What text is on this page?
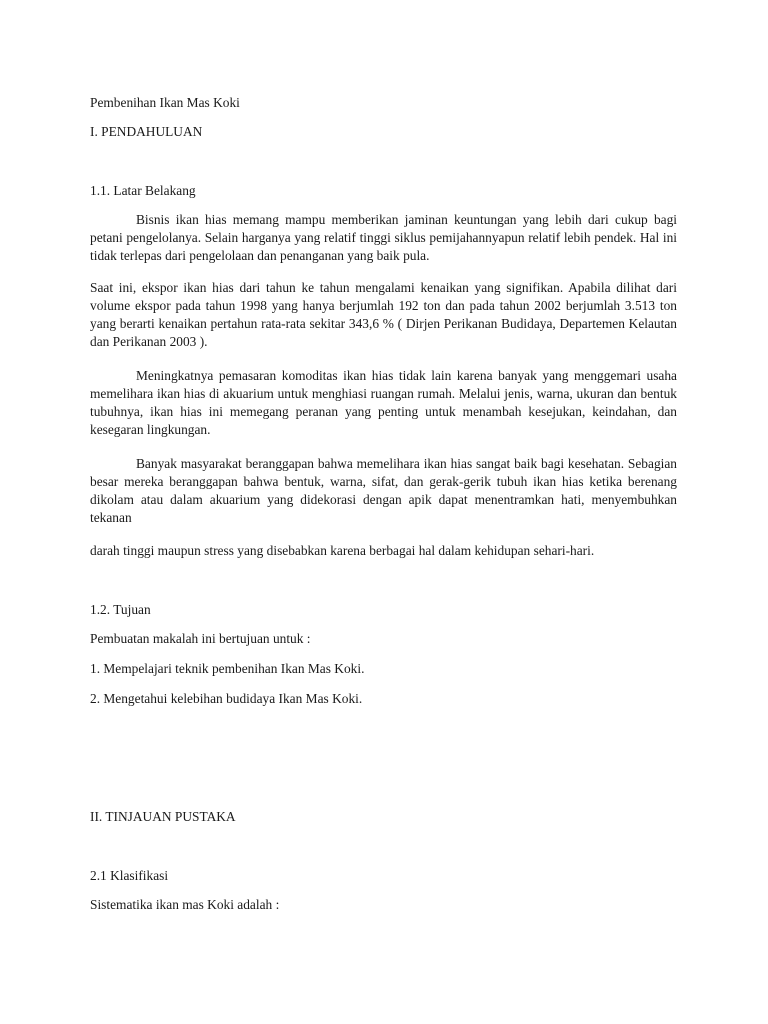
Pembenihan Ikan Mas Koki
I. PENDAHULUAN
1.1. Latar Belakang
Bisnis ikan hias memang mampu memberikan jaminan keuntungan yang lebih dari cukup bagi petani pengelolanya. Selain harganya yang relatif tinggi siklus pemijahannyapun relatif lebih pendek. Hal ini tidak terlepas dari pengelolaan dan penanganan yang baik pula.
Saat ini, ekspor ikan hias dari tahun ke tahun mengalami kenaikan yang signifikan. Apabila dilihat dari volume ekspor pada tahun 1998 yang hanya berjumlah 192 ton dan pada tahun 2002 berjumlah 3.513 ton yang berarti kenaikan pertahun rata-rata sekitar 343,6 % ( Dirjen Perikanan Budidaya, Departemen Kelautan dan Perikanan 2003 ).
Meningkatnya pemasaran komoditas ikan hias tidak lain karena banyak yang menggemari usaha memelihara ikan hias di akuarium untuk menghiasi ruangan rumah. Melalui jenis, warna, ukuran dan bentuk tubuhnya, ikan hias ini memegang peranan yang penting untuk menambah kesejukan, keindahan, dan kesegaran lingkungan.
Banyak masyarakat beranggapan bahwa memelihara ikan hias sangat baik bagi kesehatan. Sebagian besar mereka beranggapan bahwa bentuk, warna, sifat, dan gerak-gerik tubuh ikan hias ketika berenang dikolam atau dalam akuarium yang didekorasi dengan apik dapat menentramkan hati, menyembuhkan tekanan
darah tinggi maupun stress yang disebabkan karena berbagai hal dalam kehidupan sehari-hari.
1.2. Tujuan
Pembuatan makalah ini bertujuan untuk :
1. Mempelajari teknik pembenihan Ikan Mas Koki.
2. Mengetahui kelebihan budidaya Ikan Mas Koki.
II. TINJAUAN PUSTAKA
2.1 Klasifikasi
Sistematika ikan mas Koki adalah :
